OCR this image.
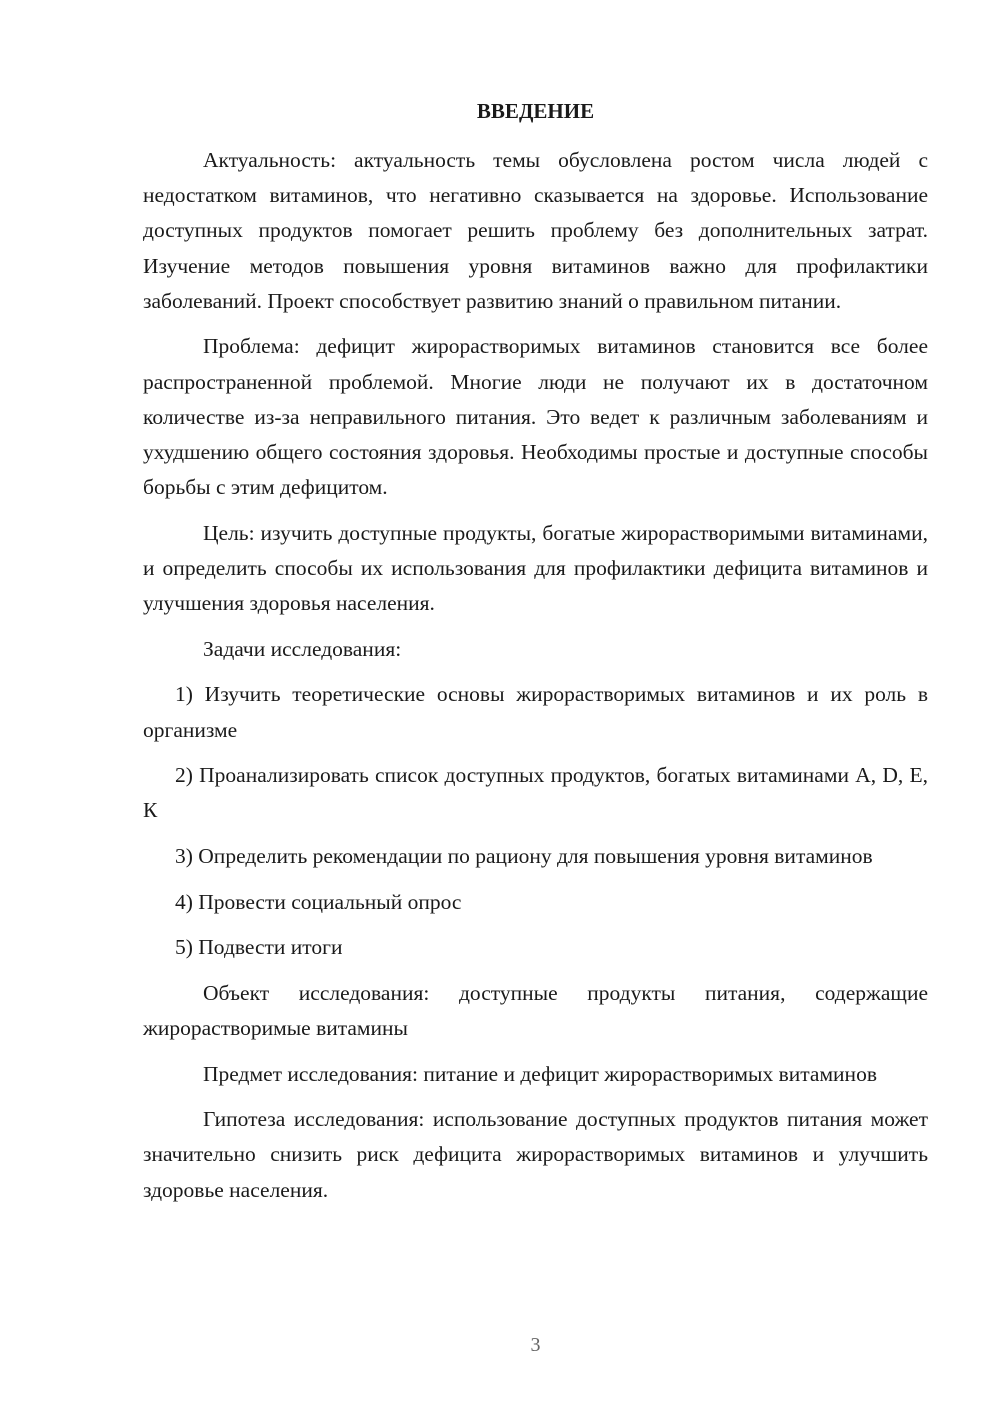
ВВЕДЕНИЕ

Актуальность: актуальность темы обусловлена ростом числа людей с недостатком витаминов, что негативно сказывается на здоровье. Использование доступных продуктов помогает решить проблему без дополнительных затрат. Изучение методов повышения уровня витаминов важно для профилактики заболеваний. Проект способствует развитию знаний о правильном питании.

Проблема: дефицит жирорастворимых витаминов становится все более распространенной проблемой. Многие люди не получают их в достаточном количестве из-за неправильного питания. Это ведет к различным заболеваниям и ухудшению общего состояния здоровья. Необходимы простые и доступные способы борьбы с этим дефицитом.

Цель: изучить доступные продукты, богатые жирорастворимыми витаминами, и определить способы их использования для профилактики дефицита витаминов и улучшения здоровья населения.

Задачи исследования:

1) Изучить теоретические основы жирорастворимых витаминов и их роль в организме

2) Проанализировать список доступных продуктов, богатых витаминами A, D, E, К

3) Определить рекомендации по рациону для повышения уровня витаминов

4) Провести социальный опрос

5) Подвести итоги

Объект исследования: доступные продукты питания, содержащие жирорастворимые витамины

Предмет исследования: питание и дефицит жирорастворимых витаминов

Гипотеза исследования: использование доступных продуктов питания может значительно снизить риск дефицита жирорастворимых витаминов и улучшить здоровье населения.

3
